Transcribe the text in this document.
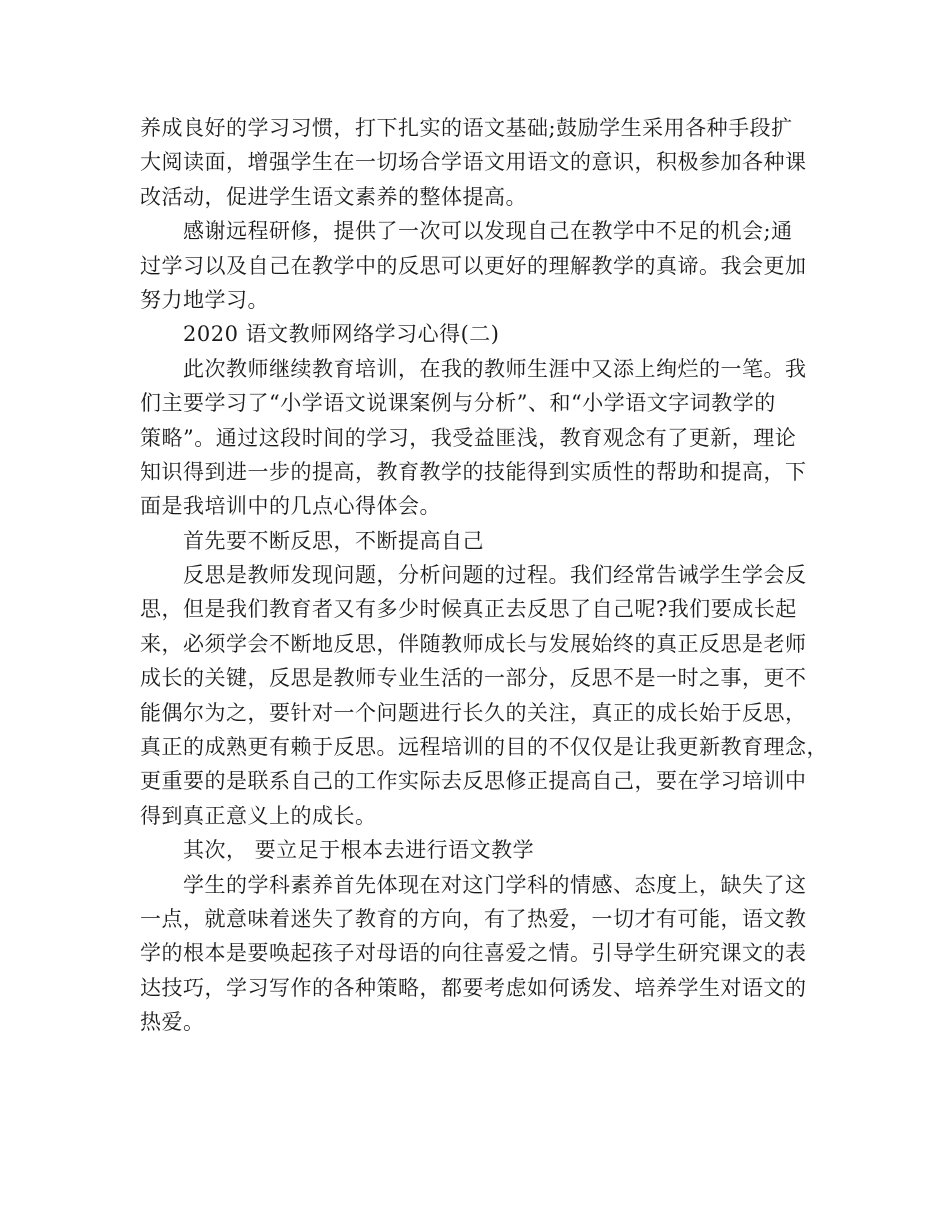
养成良好的学习习惯，打下扎实的语文基础;鼓励学生采用各种手段扩
大阅读面，增强学生在一切场合学语文用语文的意识，积极参加各种课
改活动，促进学生语文素养的整体提高。
感谢远程研修，提供了一次可以发现自己在教学中不足的机会;通
过学习以及自己在教学中的反思可以更好的理解教学的真谛。我会更加
努力地学习。
2020 语文教师网络学习心得(二)
此次教师继续教育培训，在我的教师生涯中又添上绚烂的一笔。我
们主要学习了“小学语文说课案例与分析”、和“小学语文字词教学的
策略”。通过这段时间的学习，我受益匪浅，教育观念有了更新，理论
知识得到进一步的提高，教育教学的技能得到实质性的帮助和提高，下
面是我培训中的几点心得体会。
首先要不断反思，不断提高自己
反思是教师发现问题，分析问题的过程。我们经常告诫学生学会反
思，但是我们教育者又有多少时候真正去反思了自己呢?我们要成长起
来，必须学会不断地反思，伴随教师成长与发展始终的真正反思是老师
成长的关键，反思是教师专业生活的一部分，反思不是一时之事，更不
能偶尔为之，要针对一个问题进行长久的关注，真正的成长始于反思，
真正的成熟更有赖于反思。远程培训的目的不仅仅是让我更新教育理念，
更重要的是联系自己的工作实际去反思修正提高自己，要在学习培训中
得到真正意义上的成长。
其次， 要立足于根本去进行语文教学
学生的学科素养首先体现在对这门学科的情感、态度上，缺失了这
一点，就意味着迷失了教育的方向，有了热爱，一切才有可能，语文教
学的根本是要唤起孩子对母语的向往喜爱之情。引导学生研究课文的表
达技巧，学习写作的各种策略，都要考虑如何诱发、培养学生对语文的
热爱。
